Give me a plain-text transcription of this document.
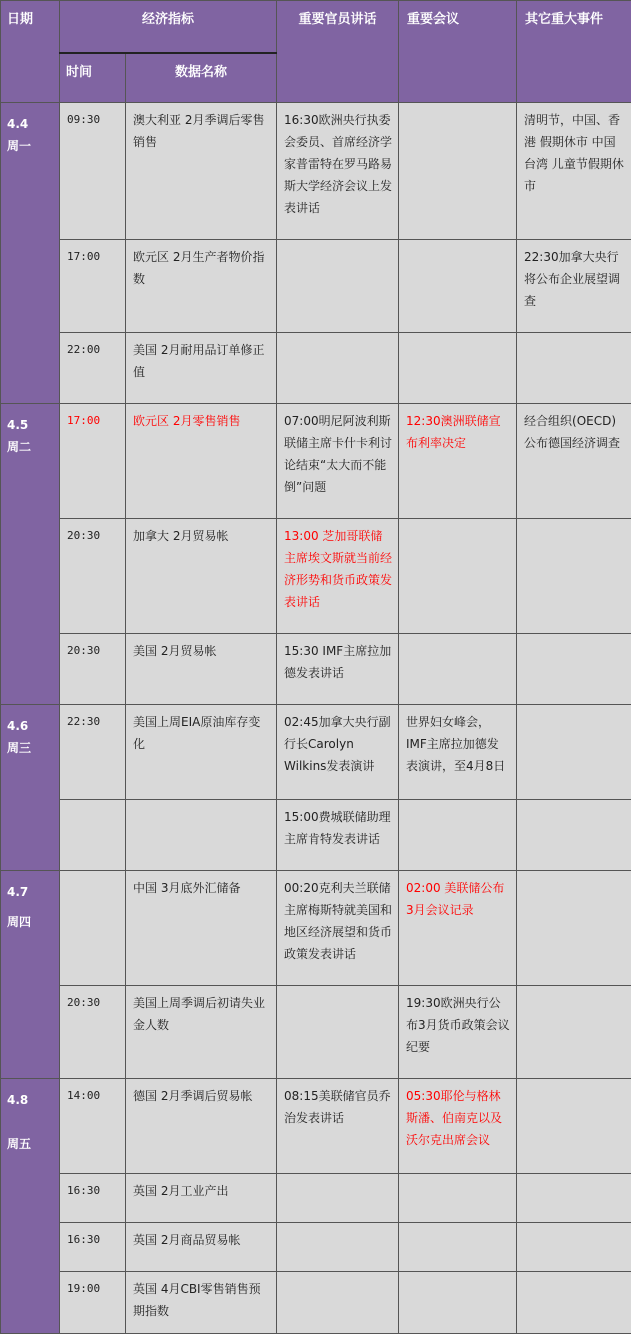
日期	经济指标		重要官员讲话	重要会议	其它重大事件

	时间	数据名称			

4.4
周一	09:30	澳大利亚 2月季调后零售销售	16:30欧洲央行执委会委员、首席经济学家普雷特在罗马路易斯大学经济会议上发表讲话		清明节，中国、香港 假期休市 中国台湾 儿童节假期休市

	17:00	欧元区 2月生产者物价指数			22:30加拿大央行将公布企业展望调查

	22:00	美国 2月耐用品订单修正值			

4.5
周二	17:00	欧元区 2月零售销售	07:00明尼阿波利斯联储主席卡什卡利讨论结束“太大而不能倒”问题	12:30澳洲联储宣布利率决定	经合组织(OECD)公布德国经济调查

	20:30	加拿大 2月贸易帐	13:00 芝加哥联储主席埃文斯就当前经济形势和货币政策发表讲话		

	20:30	美国 2月贸易帐	15:30 IMF主席拉加德发表讲话		

4.6
周三	22:30	美国上周EIA原油库存变化	02:45加拿大央行副行长Carolyn Wilkins发表演讲	世界妇女峰会，IMF主席拉加德发表演讲，至4月8日	

			15:00费城联储助理主席肯特发表讲话		

4.7
周四		中国 3月底外汇储备	00:20克利夫兰联储主席梅斯特就美国和地区经济展望和货币政策发表讲话	02:00 美联储公布3月会议记录	

	20:30	美国上周季调后初请失业金人数		19:30欧洲央行公布3月货币政策会议纪要	

4.8
周五	14:00	德国 2月季调后贸易帐	08:15美联储官员乔治发表讲话	05:30耶伦与格林斯潘、伯南克以及沃尔克出席会议	

	16:30	英国 2月工业产出			

	16:30	英国 2月商品贸易帐			

	19:00	英国 4月CBI零售销售预期指数			
